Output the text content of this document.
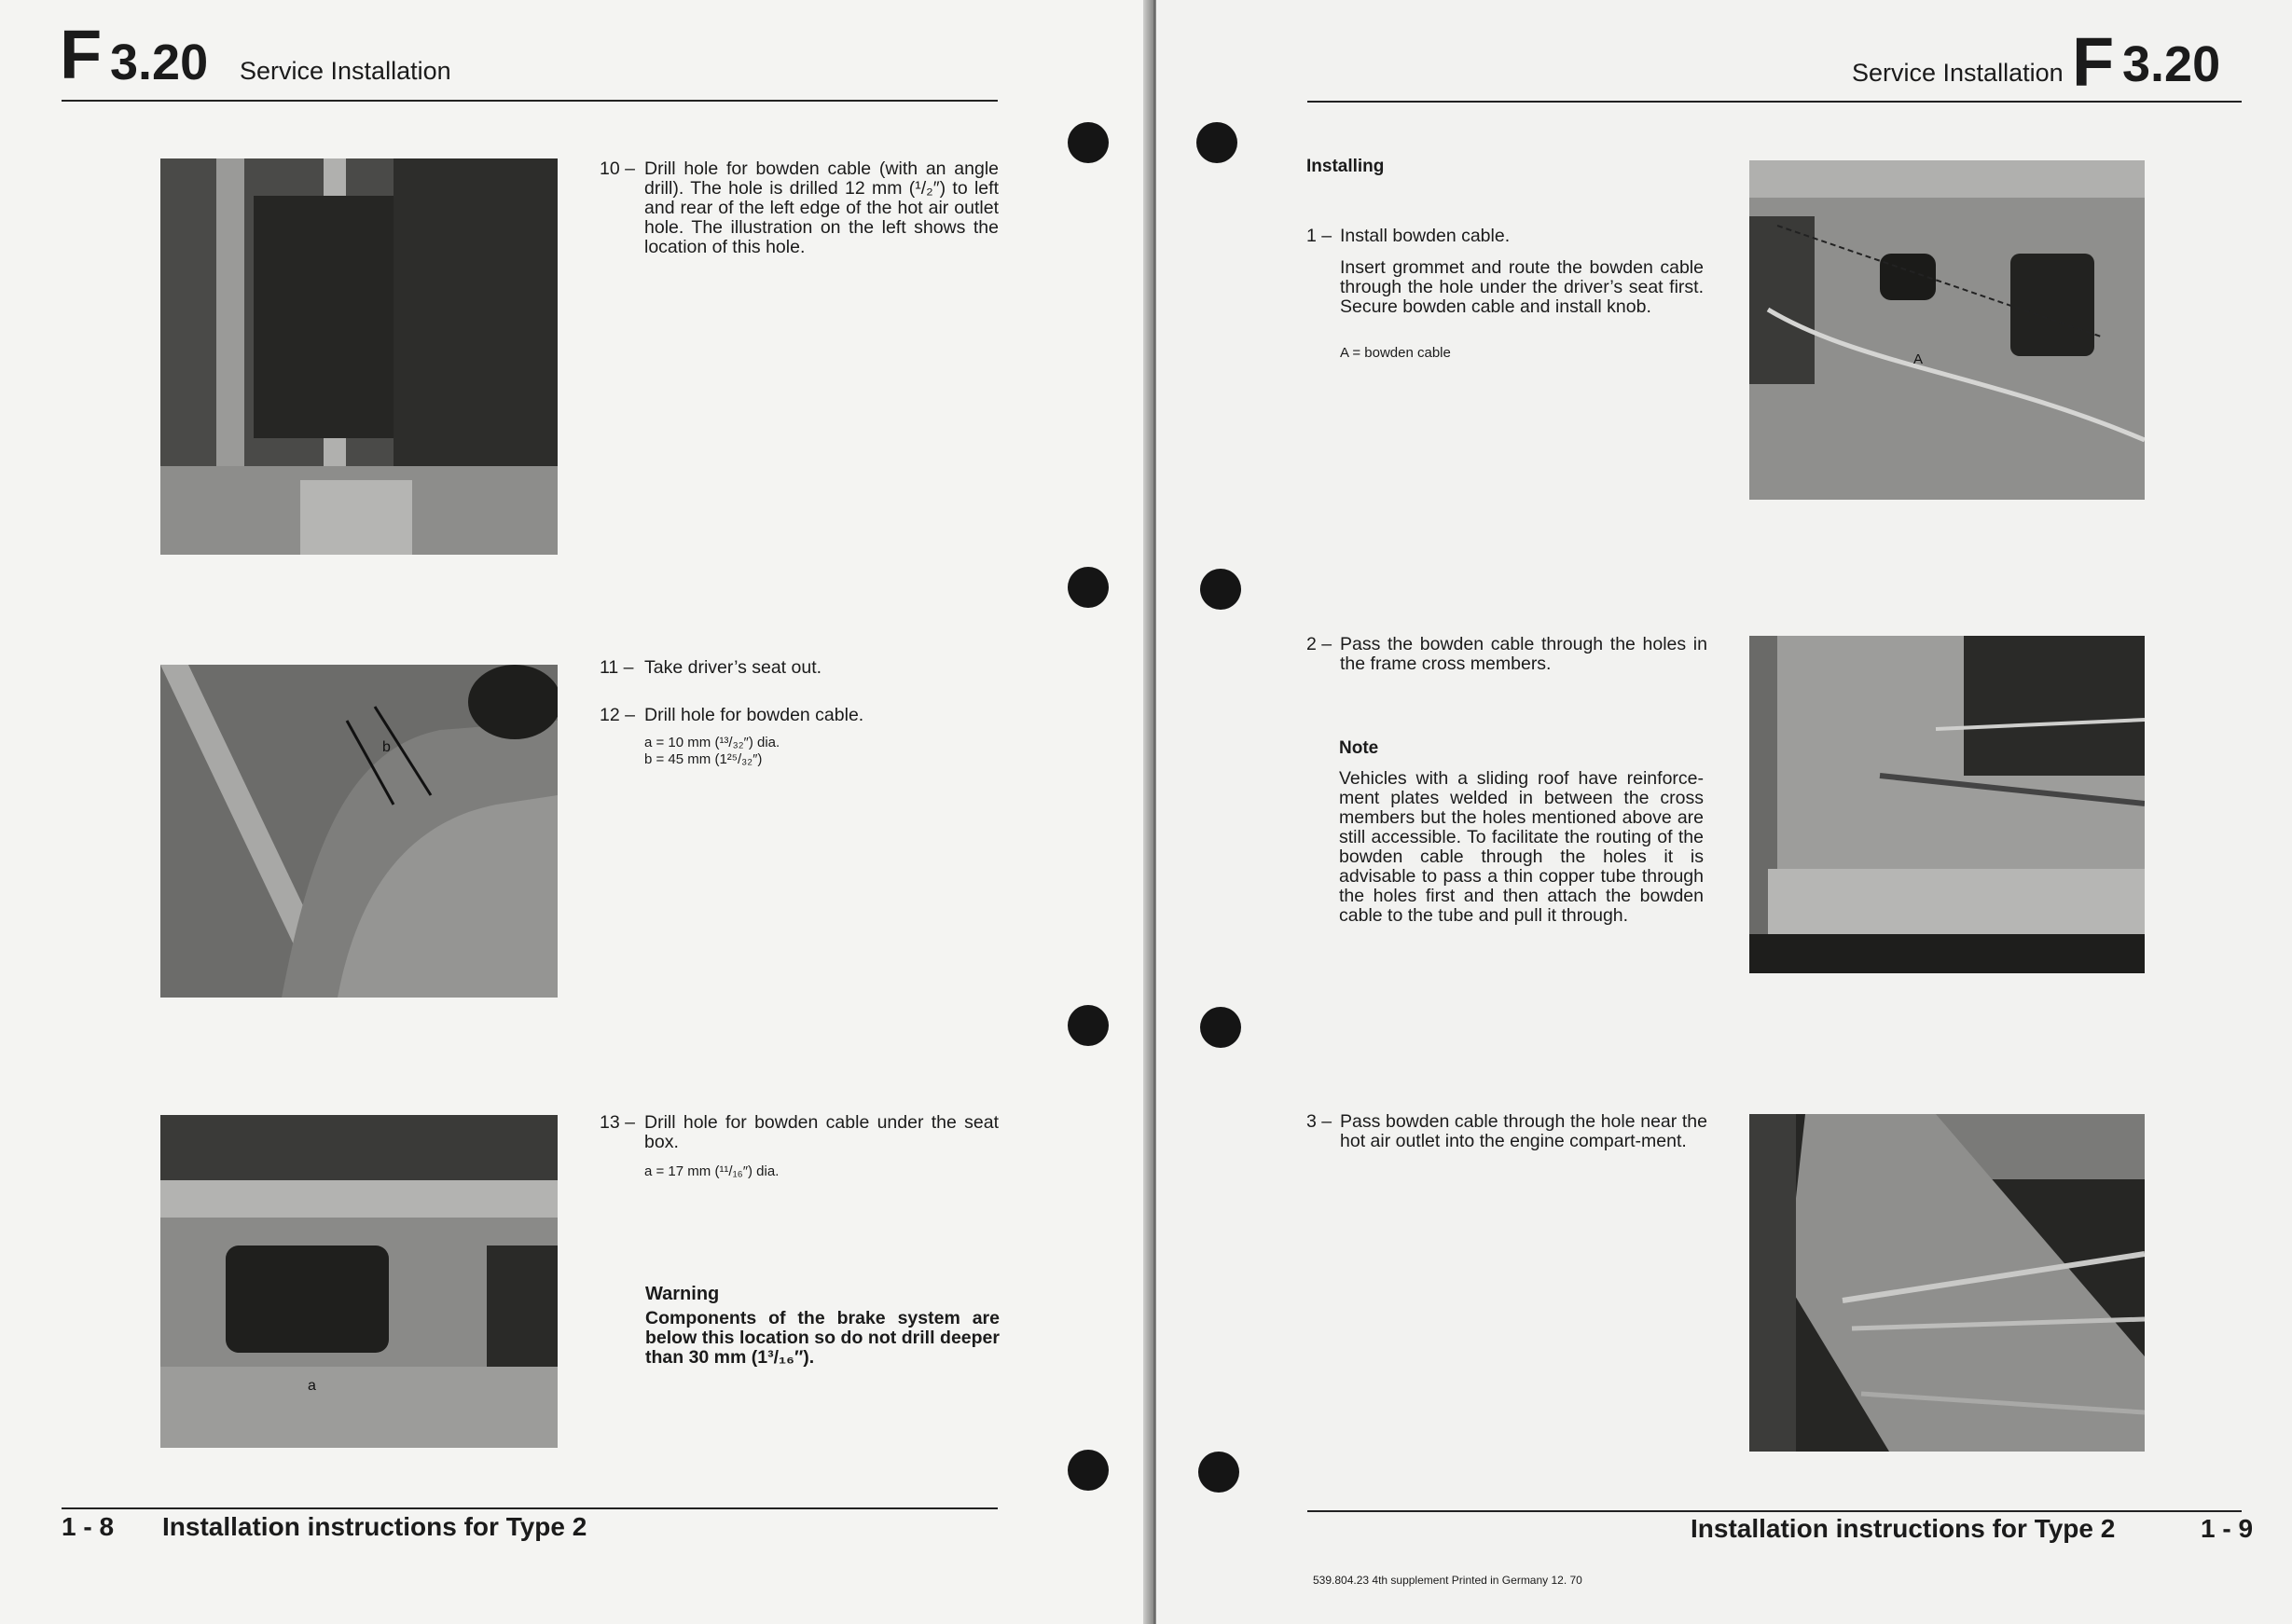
F 3.20 Service Installation
10 – Drill hole for bowden cable (with an angle drill). The hole is drilled 12 mm (¹/₂″) to left and rear of the left edge of the hot air outlet hole. The illustration on the left shows the location of this hole.
b
11 – Take driver’s seat out.
12 – Drill hole for bowden cable.
a = 10 mm (¹³/₃₂″) dia.
b = 45 mm (1²⁵/₃₂″)
a
13 – Drill hole for bowden cable under the seat box.
a = 17 mm (¹¹/₁₆″) dia.
Warning
Components of the brake system are below this location so do not drill deeper than 30 mm (1³/₁₆″).
1 - 8 Installation instructions for Type 2
Service Installation F 3.20
Installing
1 – Install bowden cable.
Insert grommet and route the bowden cable through the hole under the driver’s seat first. Secure bowden cable and install knob.
A = bowden cable	A
2 – Pass the bowden cable through the holes in the frame cross members.
Note
Vehicles with a sliding roof have reinforce-ment plates welded in between the cross members but the holes mentioned above are still accessible. To facilitate the routing of the bowden cable through the holes it is advisable to pass a thin copper tube through the holes first and then attach the bowden cable to the tube and pull it through.
3 – Pass bowden cable through the hole near the hot air outlet into the engine compart-ment.
Installation instructions for Type 2	1 - 9
539.804.23 4th supplement Printed in Germany 12. 70
